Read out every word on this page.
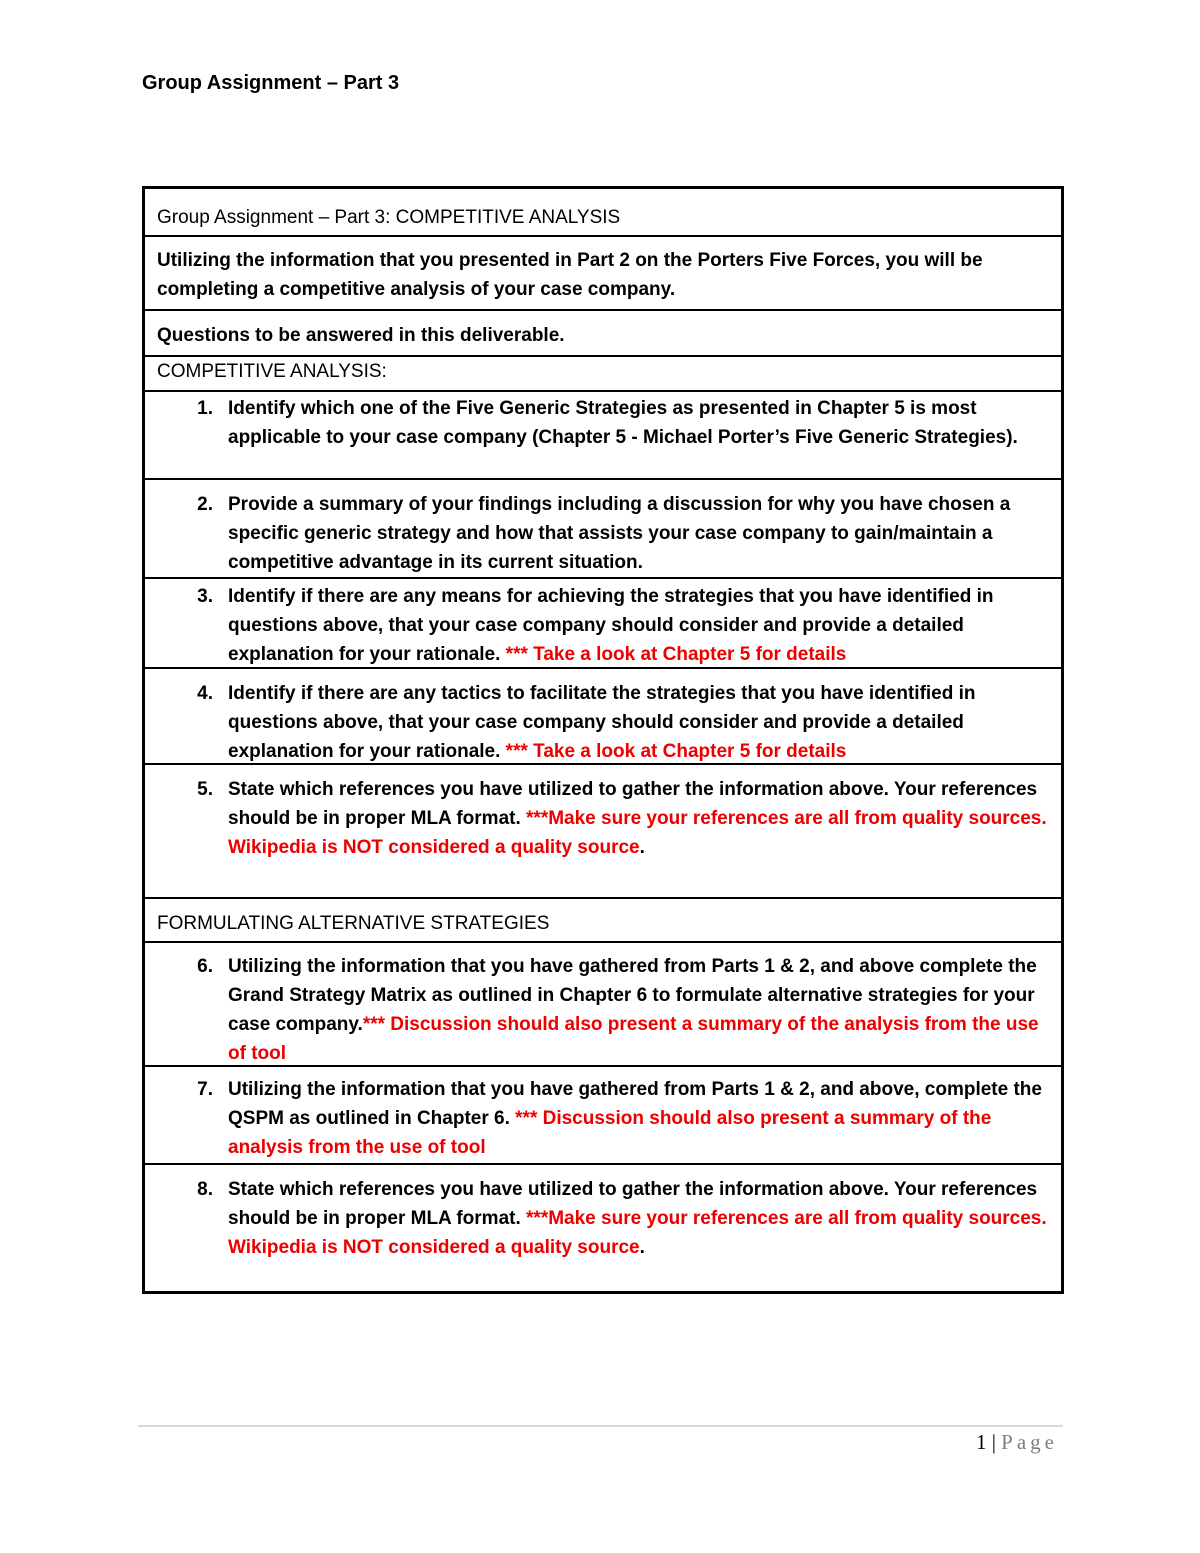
Group Assignment – Part 3
Group Assignment – Part 3: COMPETITIVE ANALYSIS
Utilizing the information that you presented in Part 2 on the Porters Five Forces, you will be completing a competitive analysis of your case company.
Questions to be answered in this deliverable.
COMPETITIVE ANALYSIS:
1. Identify which one of the Five Generic Strategies as presented in Chapter 5 is most applicable to your case company (Chapter 5 - Michael Porter’s Five Generic Strategies).
2. Provide a summary of your findings including a discussion for why you have chosen a specific generic strategy and how that assists your case company to gain/maintain a competitive advantage in its current situation.
3. Identify if there are any means for achieving the strategies that you have identified in questions above, that your case company should consider and provide a detailed explanation for your rationale. *** Take a look at Chapter 5 for details
4. Identify if there are any tactics to facilitate the strategies that you have identified in questions above, that your case company should consider and provide a detailed explanation for your rationale. *** Take a look at Chapter 5 for details
5. State which references you have utilized to gather the information above. Your references should be in proper MLA format. ***Make sure your references are all from quality sources. Wikipedia is NOT considered a quality source.
FORMULATING ALTERNATIVE STRATEGIES
6. Utilizing the information that you have gathered from Parts 1 & 2, and above complete the Grand Strategy Matrix as outlined in Chapter 6 to formulate alternative strategies for your case company.*** Discussion should also present a summary of the analysis from the use of tool
7. Utilizing the information that you have gathered from Parts 1 & 2, and above, complete the QSPM as outlined in Chapter 6. *** Discussion should also present a summary of the analysis from the use of tool
8. State which references you have utilized to gather the information above. Your references should be in proper MLA format. ***Make sure your references are all from quality sources. Wikipedia is NOT considered a quality source.
1 | Page
